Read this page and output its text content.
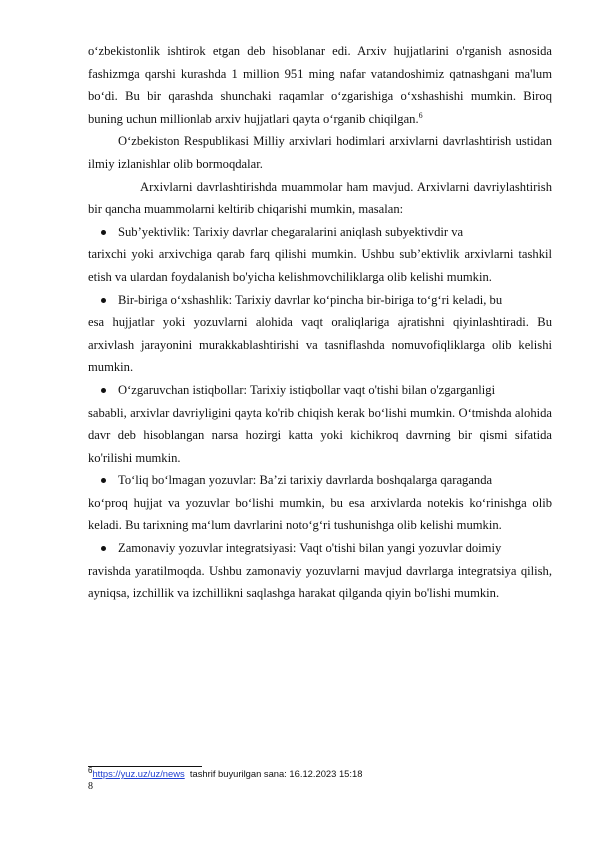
o‘zbekistonlik ishtirok etgan deb hisoblanar edi. Arxiv hujjatlarini o'rganish asnosida fashizmga qarshi kurashda 1 million 951 ming nafar vatandoshimiz qatnashgani ma'lum bo‘di. Bu bir qarashda shunchaki raqamlar o‘zgarishiga o‘xshashishi mumkin. Biroq buning uchun millionlab arxiv hujjatlari qayta o‘rganib chiqilgan.$^6$

O‘zbekiston Respublikasi Milliy arxivlari hodimlari arxivlarni davrlashtirish ustidan ilmiy izlanishlar olib bormoqdalar.

Arxivlarni davrlashtirishda muammolar ham mavjud. Arxivlarni davriylashtirish bir qancha muammolarni keltirib chiqarishi mumkin, masalan:

Sub’yektivlik: Tarixiy davrlar chegaralarini aniqlash subyektivdir va

tarixchi yoki arxivchiga qarab farq qilishi mumkin. Ushbu sub’ektivlik arxivlarni tashkil etish va ulardan foydalanish bo'yicha kelishmovchiliklarga olib kelishi mumkin.

Bir-biriga o‘xshashlik: Tarixiy davrlar ko‘pincha bir-biriga to‘g‘ri keladi, bu

esa hujjatlar yoki yozuvlarni alohida vaqt oraliqlariga ajratishni qiyinlashtiradi. Bu arxivlash jarayonini murakkablashtirishi va tasniflashda nomuvofiqliklarga olib kelishi mumkin.

O‘zgaruvchan istiqbollar: Tarixiy istiqbollar vaqt o'tishi bilan o'zgarganligi

sababli, arxivlar davriyligini qayta ko'rib chiqish kerak bo‘lishi mumkin. O‘tmishda alohida davr deb hisoblangan narsa hozirgi katta yoki kichikroq davrning bir qismi sifatida ko'rilishi mumkin.

To‘liq bo‘lmagan yozuvlar: Ba’zi tarixiy davrlarda boshqalarga qaraganda

ko‘proq hujjat va yozuvlar bo‘lishi mumkin, bu esa arxivlarda notekis ko‘rinishga olib keladi. Bu tarixning ma‘lum davrlarini noto‘g‘ri tushunishga olib kelishi mumkin.

Zamonaviy yozuvlar integratsiyasi: Vaqt o'tishi bilan yangi yozuvlar doimiy

ravishda yaratilmoqda. Ushbu zamonaviy yozuvlarni mavjud davrlarga integratsiya qilish, ayniqsa, izchillik va izchillikni saqlashga harakat qilganda qiyin bo'lishi mumkin.

$^6$https://yuz.uz/uz/news  tashrif buyurilgan sana: 16.12.2023 15:18
8
